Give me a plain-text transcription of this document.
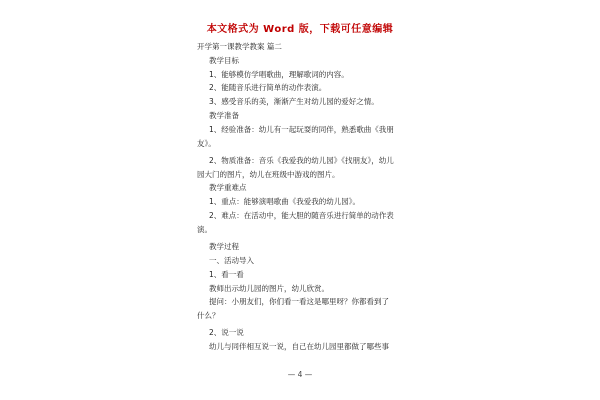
本文格式为 Word 版，下载可任意编辑
开学第一课教学教案 篇二
教学目标
1、能够模仿学唱歌曲，理解歌词的内容。
2、能随音乐进行简单的动作表演。
3、感受音乐的美，渐渐产生对幼儿园的爱好之情。
教学准备
1、经验准备：幼儿有一起玩耍的同伴，熟悉歌曲《我朋
友》。
2、物质准备：音乐《我爱我的幼儿园》《找朋友》，幼儿
园大门的图片，幼儿在班级中游戏的图片。
教学重难点
1、重点：能够演唱歌曲《我爱我的幼儿园》。
2、难点：在活动中，能大胆的随音乐进行简单的动作表
演。
教学过程
一、活动导入
1、看一看
教师出示幼儿园的图片，幼儿欣赏。
提问：小朋友们，你们看一看这是哪里呀？你都看到了
什么？
2、说一说
幼儿与同伴相互说一说，自己在幼儿园里都做了哪些事
— 4 —
